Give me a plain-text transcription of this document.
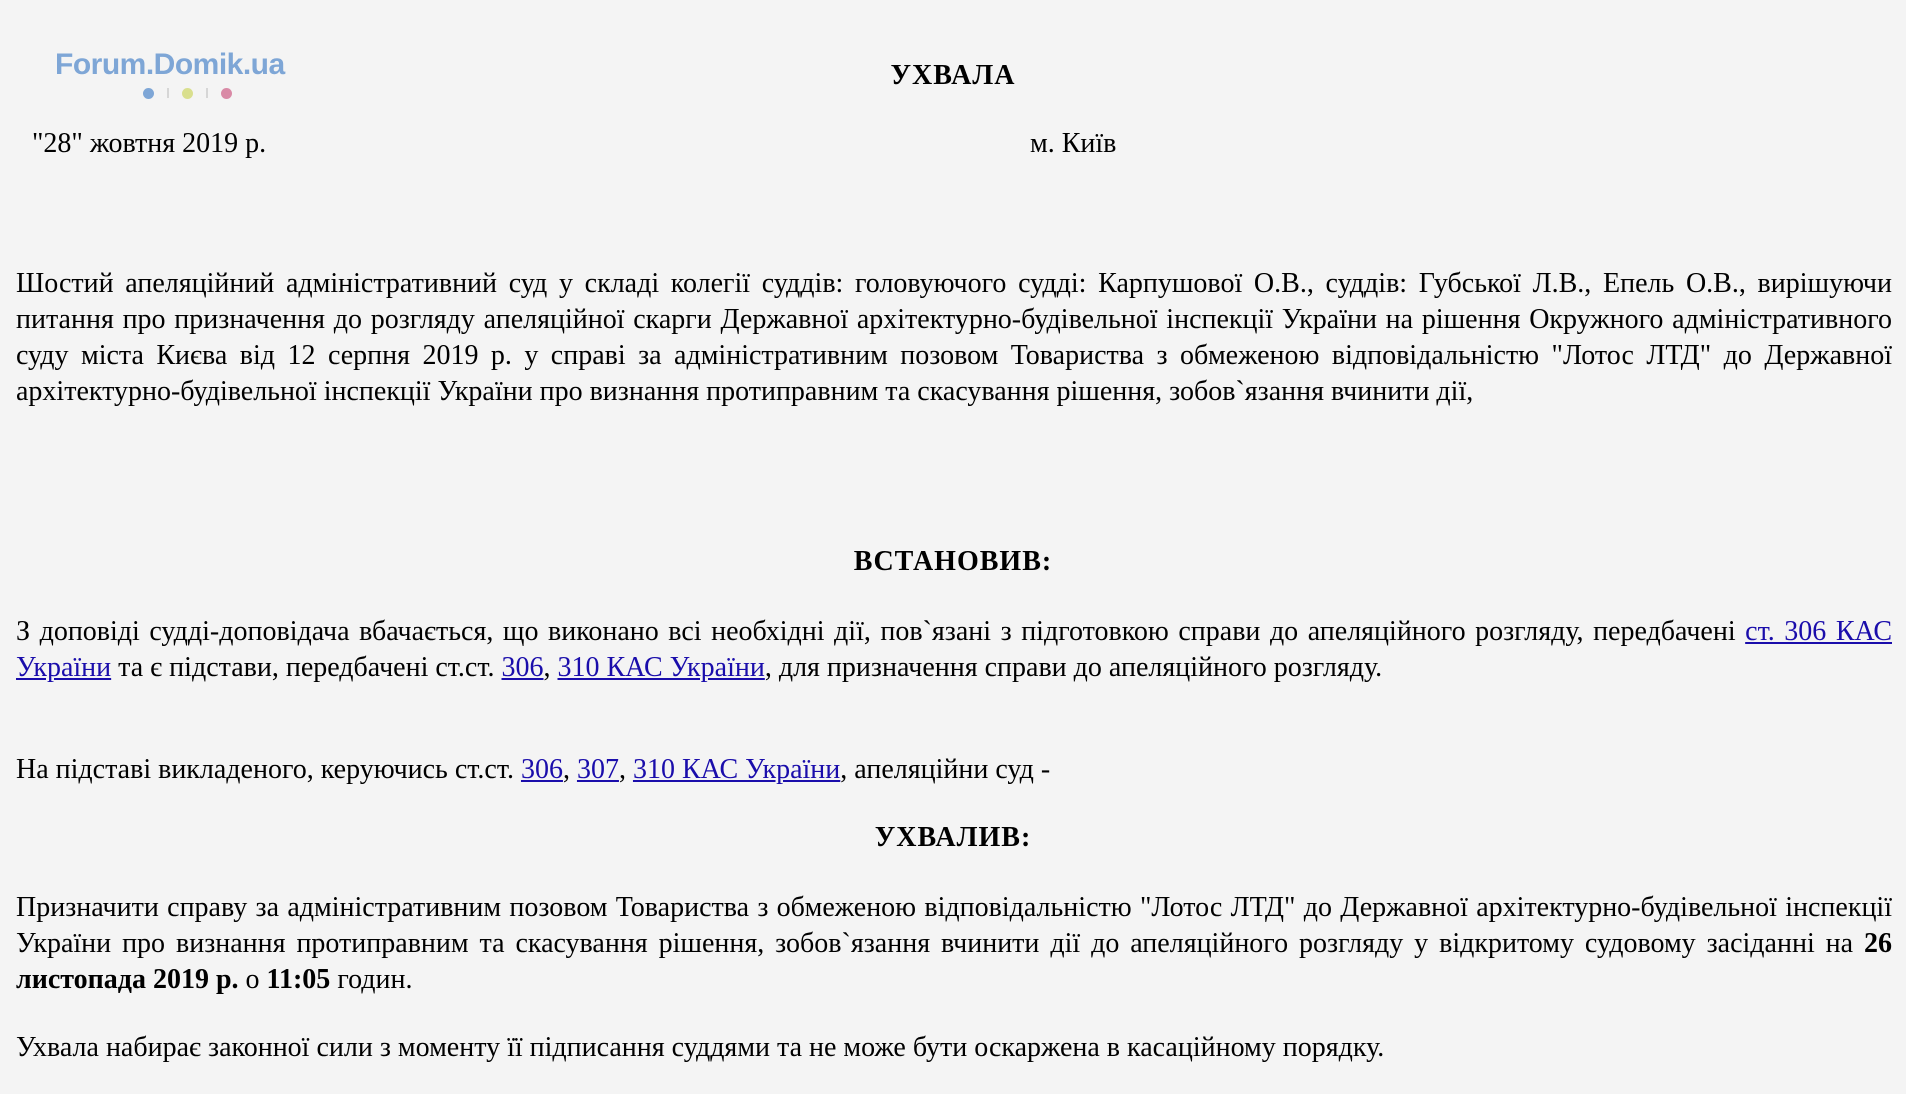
Forum.Domik.ua	УХВАЛА
"28" жовтня 2019 р.	м. Київ
Шостий апеляційний адміністративний суд у складі колегії суддів: головуючого судді: Карпушової О.В., суддів: Губської Л.В., Епель О.В., вирішуючи питання про призначення до розгляду апеляційної скарги Державної архітектурно-будівельної інспекції України на рішення Окружного адміністративного суду міста Києва від 12 серпня 2019 р. у справі за адміністративним позовом Товариства з обмеженою відповідальністю "Лотос ЛТД" до Державної архітектурно-будівельної інспекції України про визнання протиправним та скасування рішення, зобов`язання вчинити дії,
ВСТАНОВИВ:
З доповіді судді-доповідача вбачається, що виконано всі необхідні дії, пов`язані з підготовкою справи до апеляційного розгляду, передбачені ст. 306 КАС України та є підстави, передбачені ст.ст. 306, 310 КАС України, для призначення справи до апеляційного розгляду.
На підставі викладеного, керуючись ст.ст. 306, 307, 310 КАС України, апеляційни суд -
УХВАЛИВ:
Призначити справу за адміністративним позовом Товариства з обмеженою відповідальністю "Лотос ЛТД" до Державної архітектурно-будівельної інспекції України про визнання протиправним та скасування рішення, зобов`язання вчинити дії до апеляційного розгляду у відкритому судовому засіданні на 26 листопада 2019 р. о 11:05 годин.
Ухвала набирає законної сили з моменту її підписання суддями та не може бути оскаржена в касаційному порядку.
